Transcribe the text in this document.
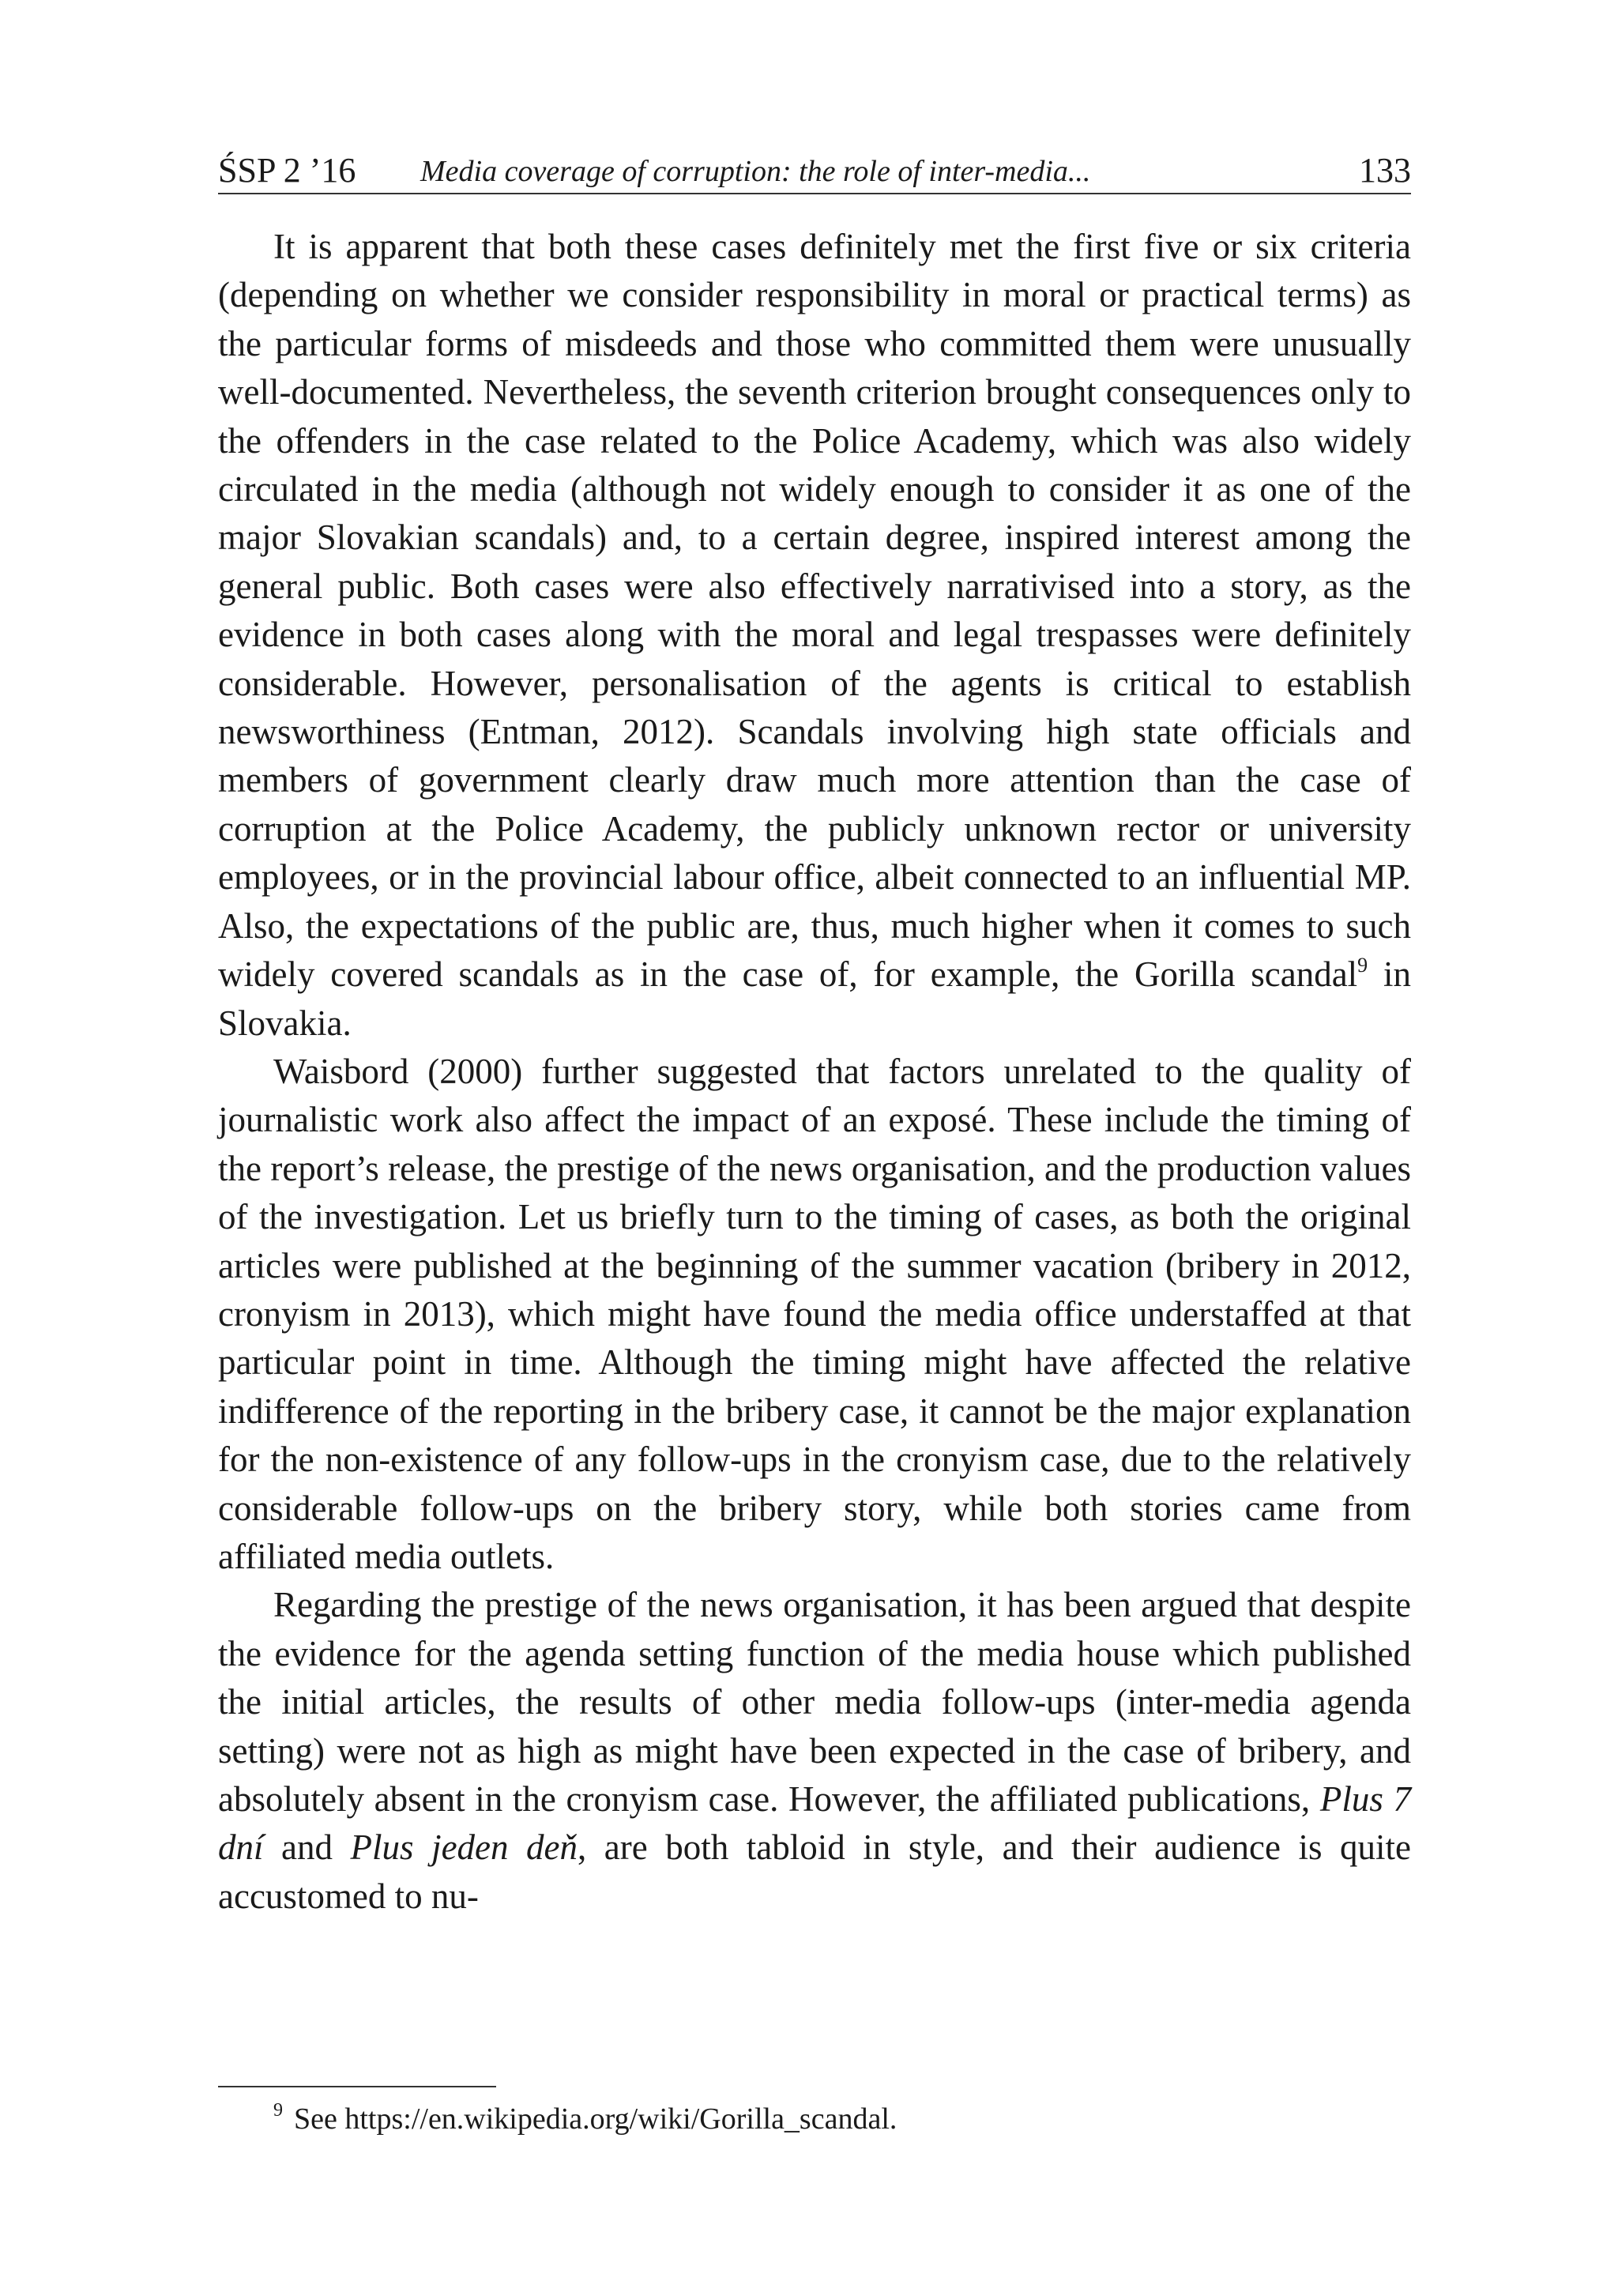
ŚSP 2 ’16 Media coverage of corruption: the role of inter-media...	133

It is apparent that both these cases definitely met the first five or six criteria (depending on whether we consider responsibility in moral or practical terms) as the particular forms of misdeeds and those who committed them were unusually well-documented. Nevertheless, the seventh criterion brought consequences only to the offenders in the case related to the Police Academy, which was also widely circulated in the media (although not widely enough to consider it as one of the major Slovakian scandals) and, to a certain degree, inspired interest among the general public. Both cases were also effectively narrativised into a story, as the evidence in both cases along with the moral and legal trespasses were definitely considerable. However, personalisation of the agents is critical to establish newsworthiness (Entman, 2012). Scandals involving high state officials and members of government clearly draw much more attention than the case of corruption at the Police Academy, the publicly unknown rector or university employees, or in the provincial labour office, albeit connected to an influential MP. Also, the expectations of the public are, thus, much higher when it comes to such widely covered scandals as in the case of, for example, the Gorilla scandal$^9$ in Slovakia.

Waisbord (2000) further suggested that factors unrelated to the quality of journalistic work also affect the impact of an exposé. These include the timing of the report’s release, the prestige of the news organisation, and the production values of the investigation. Let us briefly turn to the timing of cases, as both the original articles were published at the beginning of the summer vacation (bribery in 2012, cronyism in 2013), which might have found the media office understaffed at that particular point in time. Although the timing might have affected the relative indifference of the reporting in the bribery case, it cannot be the major explanation for the non-existence of any follow-ups in the cronyism case, due to the relatively considerable follow-ups on the bribery story, while both stories came from affiliated media outlets.

Regarding the prestige of the news organisation, it has been argued that despite the evidence for the agenda setting function of the media house which published the initial articles, the results of other media follow-ups (inter-media agenda setting) were not as high as might have been expected in the case of bribery, and absolutely absent in the cronyism case. However, the affiliated publications, Plus 7 dní and Plus jeden deň, are both tabloid in style, and their audience is quite accustomed to nu-

$^9$ See https://en.wikipedia.org/wiki/Gorilla_scandal.
